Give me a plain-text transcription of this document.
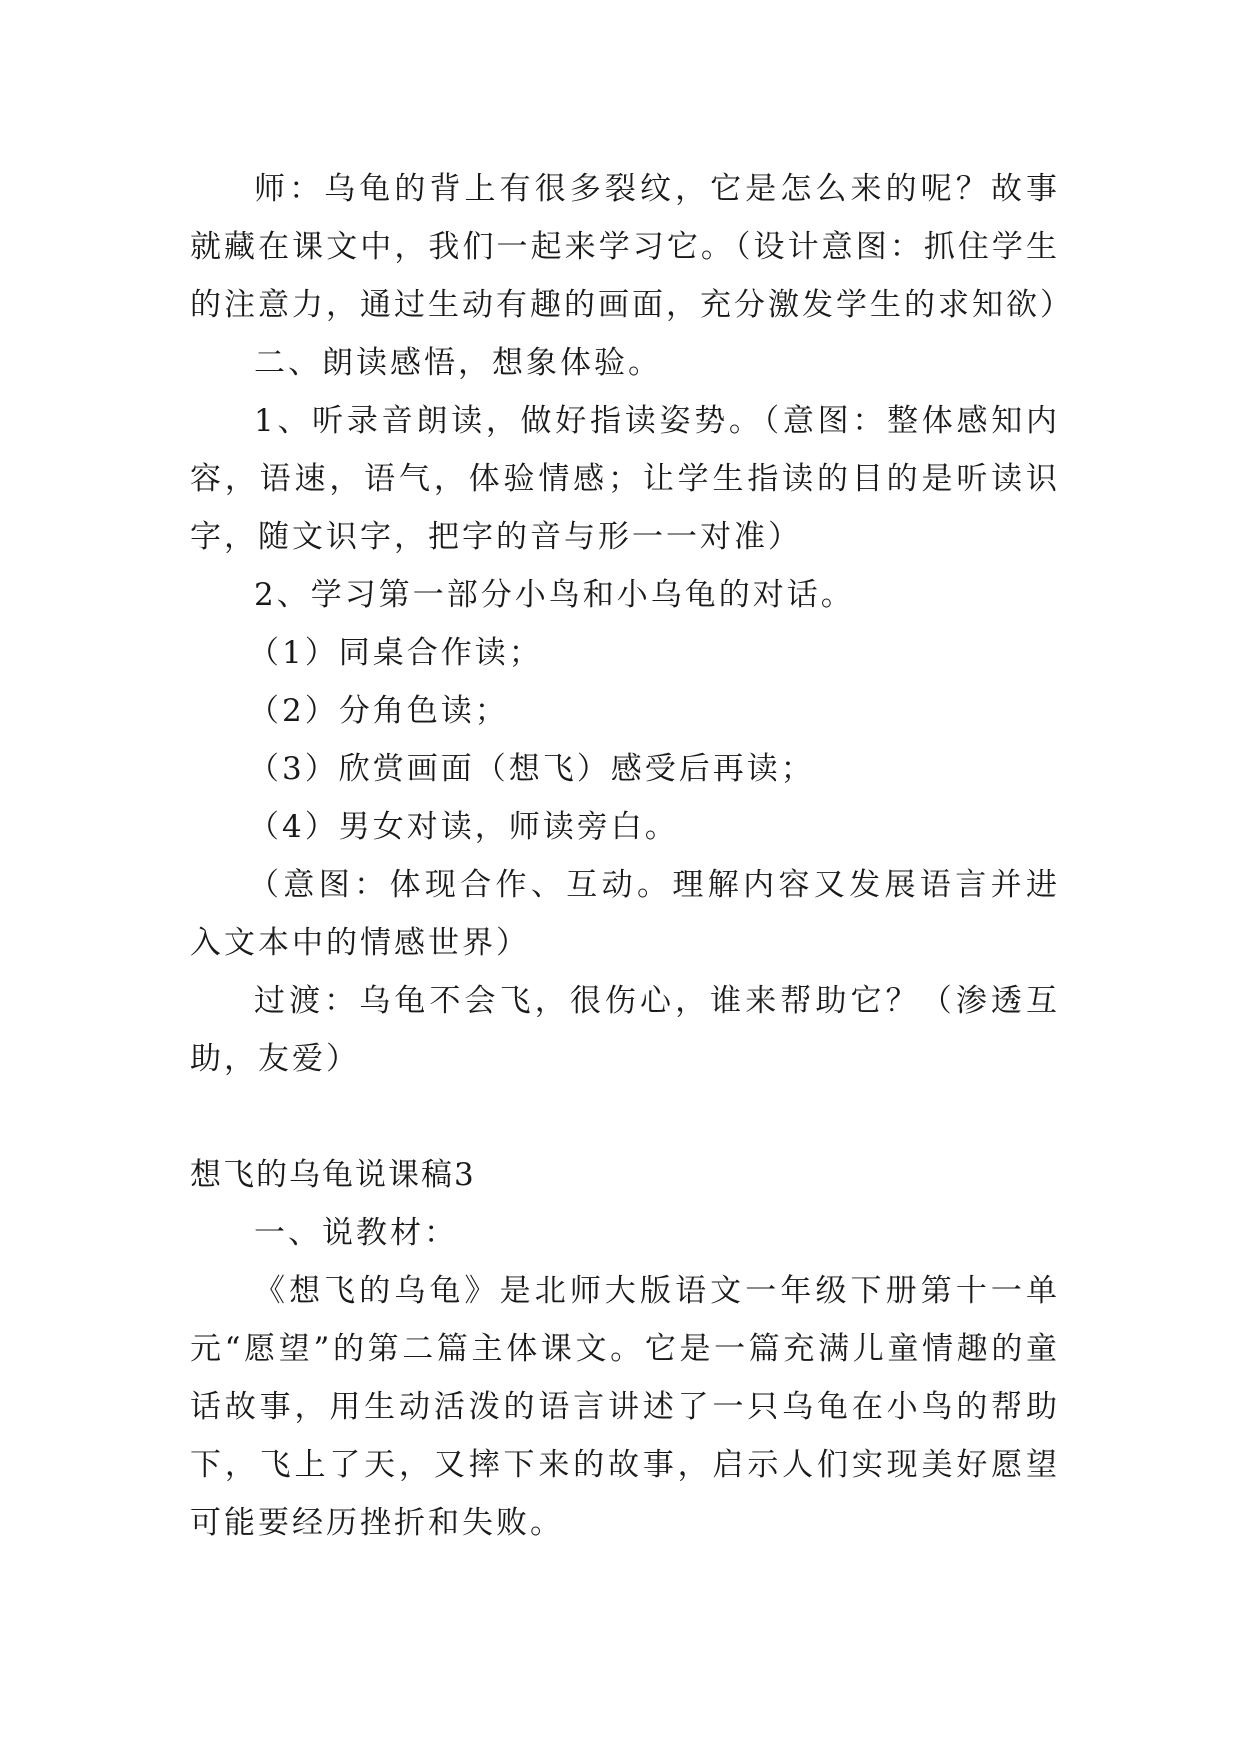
师：乌龟的背上有很多裂纹，它是怎么来的呢？故事就藏在课文中，我们一起来学习它。（设计意图：抓住学生的注意力，通过生动有趣的画面，充分激发学生的求知欲）

二、朗读感悟，想象体验。

1、听录音朗读，做好指读姿势。（意图：整体感知内容，语速，语气，体验情感；让学生指读的目的是听读识字，随文识字，把字的音与形一一对准）

2、学习第一部分小鸟和小乌龟的对话。

（1）同桌合作读；

（2）分角色读；

（3）欣赏画面（想飞）感受后再读；

（4）男女对读，师读旁白。

（意图：体现合作、互动。理解内容又发展语言并进入文本中的情感世界）

过渡：乌龟不会飞，很伤心，谁来帮助它？（渗透互助，友爱）

想飞的乌龟说课稿3

一、说教材：

《想飞的乌龟》是北师大版语文一年级下册第十一单元“愿望”的第二篇主体课文。它是一篇充满儿童情趣的童话故事，用生动活泼的语言讲述了一只乌龟在小鸟的帮助下，飞上了天，又摔下来的故事，启示人们实现美好愿望可能要经历挫折和失败。
